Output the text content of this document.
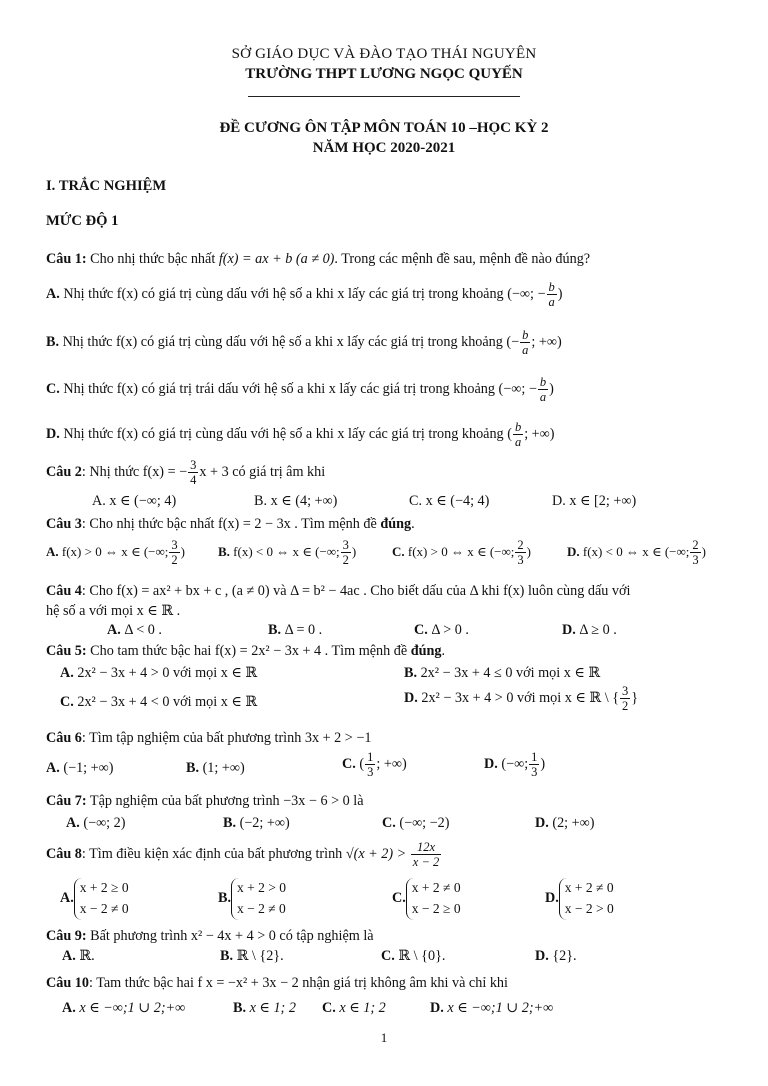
SỞ GIÁO DỤC VÀ ĐÀO TẠO THÁI NGUYÊN
TRƯỜNG THPT LƯƠNG NGỌC QUYẾN
ĐỀ CƯƠNG ÔN TẬP MÔN TOÁN 10 –HỌC KỲ 2
NĂM HỌC 2020-2021
I. TRẮC NGHIỆM
MỨC ĐỘ 1
Câu 1: Cho nhị thức bậc nhất f(x) = ax + b (a ≠ 0). Trong các mệnh đề sau, mệnh đề nào đúng?
A. Nhị thức f(x) có giá trị cùng dấu với hệ số a khi x lấy các giá trị trong khoảng (−∞; − $\frac{b}{a}$ )
B. Nhị thức f(x) có giá trị cùng dấu với hệ số a khi x lấy các giá trị trong khoảng (− $\frac{b}{a}$ ; +∞)
C. Nhị thức f(x) có giá trị trái dấu với hệ số a khi x lấy các giá trị trong khoảng (−∞; − $\frac{b}{a}$ )
D. Nhị thức f(x) có giá trị cùng dấu với hệ số a khi x lấy các giá trị trong khoảng ( $\frac{b}{a}$ ; +∞)
Câu 2: Nhị thức f(x) = − $\frac{3}{4}$ x + 3 có giá trị âm khi
A. x ∈ (−∞; 4)	B. x ∈ (4; +∞)	C. x ∈ (−4; 4)	D. x ∈ [2; +∞)
Câu 3: Cho nhị thức bậc nhất f(x) = 2 − 3x . Tìm mệnh đề đúng.
A. f(x) > 0 ⇔ x ∈ (−∞; $\frac{3}{2}$ )	B. f(x) < 0 ⇔ x ∈ (−∞; $\frac{3}{2}$ )	C. f(x) > 0 ⇔ x ∈ (−∞; $\frac{2}{3}$ )	D. f(x) < 0 ⇔ x ∈ (−∞; $\frac{2}{3}$ )
Câu 4: Cho f(x) = ax² + bx + c , (a ≠ 0) và Δ = b² − 4ac . Cho biết dấu của Δ khi f(x) luôn cùng dấu với
hệ số a với mọi x ∈ ℝ .
A. Δ < 0 .	B. Δ = 0 .	C. Δ > 0 .	D. Δ ≥ 0 .
Câu 5: Cho tam thức bậc hai f(x) = 2x² − 3x + 4 . Tìm mệnh đề đúng.
A. 2x² − 3x + 4 > 0 với mọi x ∈ ℝ	B. 2x² − 3x + 4 ≤ 0 với mọi x ∈ ℝ
C. 2x² − 3x + 4 < 0 với mọi x ∈ ℝ	D. 2x² − 3x + 4 > 0 với mọi x ∈ ℝ \ { $\frac{3}{2}$ }
Câu 6: Tìm tập nghiệm của bất phương trình 3x + 2 > −1
A. (−1; +∞)	B. (1; +∞)	C. ( $\frac{1}{3}$ ; +∞)	D. (−∞; $\frac{1}{3}$ )
Câu 7: Tập nghiệm của bất phương trình −3x − 6 > 0 là
A. (−∞; 2)	B. (−2; +∞)	C. (−∞; −2)	D. (2; +∞)
Câu 8: Tìm điều kiện xác định của bất phương trình $√(x + 2) > \frac{12x}{x - 2}$
A.x + 2 ≥ 0
x − 2 ≠ 0
B.x + 2 > 0
x − 2 ≠ 0
C.x + 2 ≠ 0
x − 2 ≥ 0
D.x + 2 ≠ 0
x − 2 > 0
Câu 9: Bất phương trình x² − 4x + 4 > 0 có tập nghiệm là
A. ℝ.	B. ℝ \ {2}.	C. ℝ \ {0}.	D. {2}.
Câu 10: Tam thức bậc hai f x = −x² + 3x − 2 nhận giá trị không âm khi và chỉ khi
A. x ∈ −∞;1 ∪ 2;+∞	B. x ∈ 1; 2 C. x ∈ 1; 2	D. x ∈ −∞;1 ∪ 2;+∞
1
